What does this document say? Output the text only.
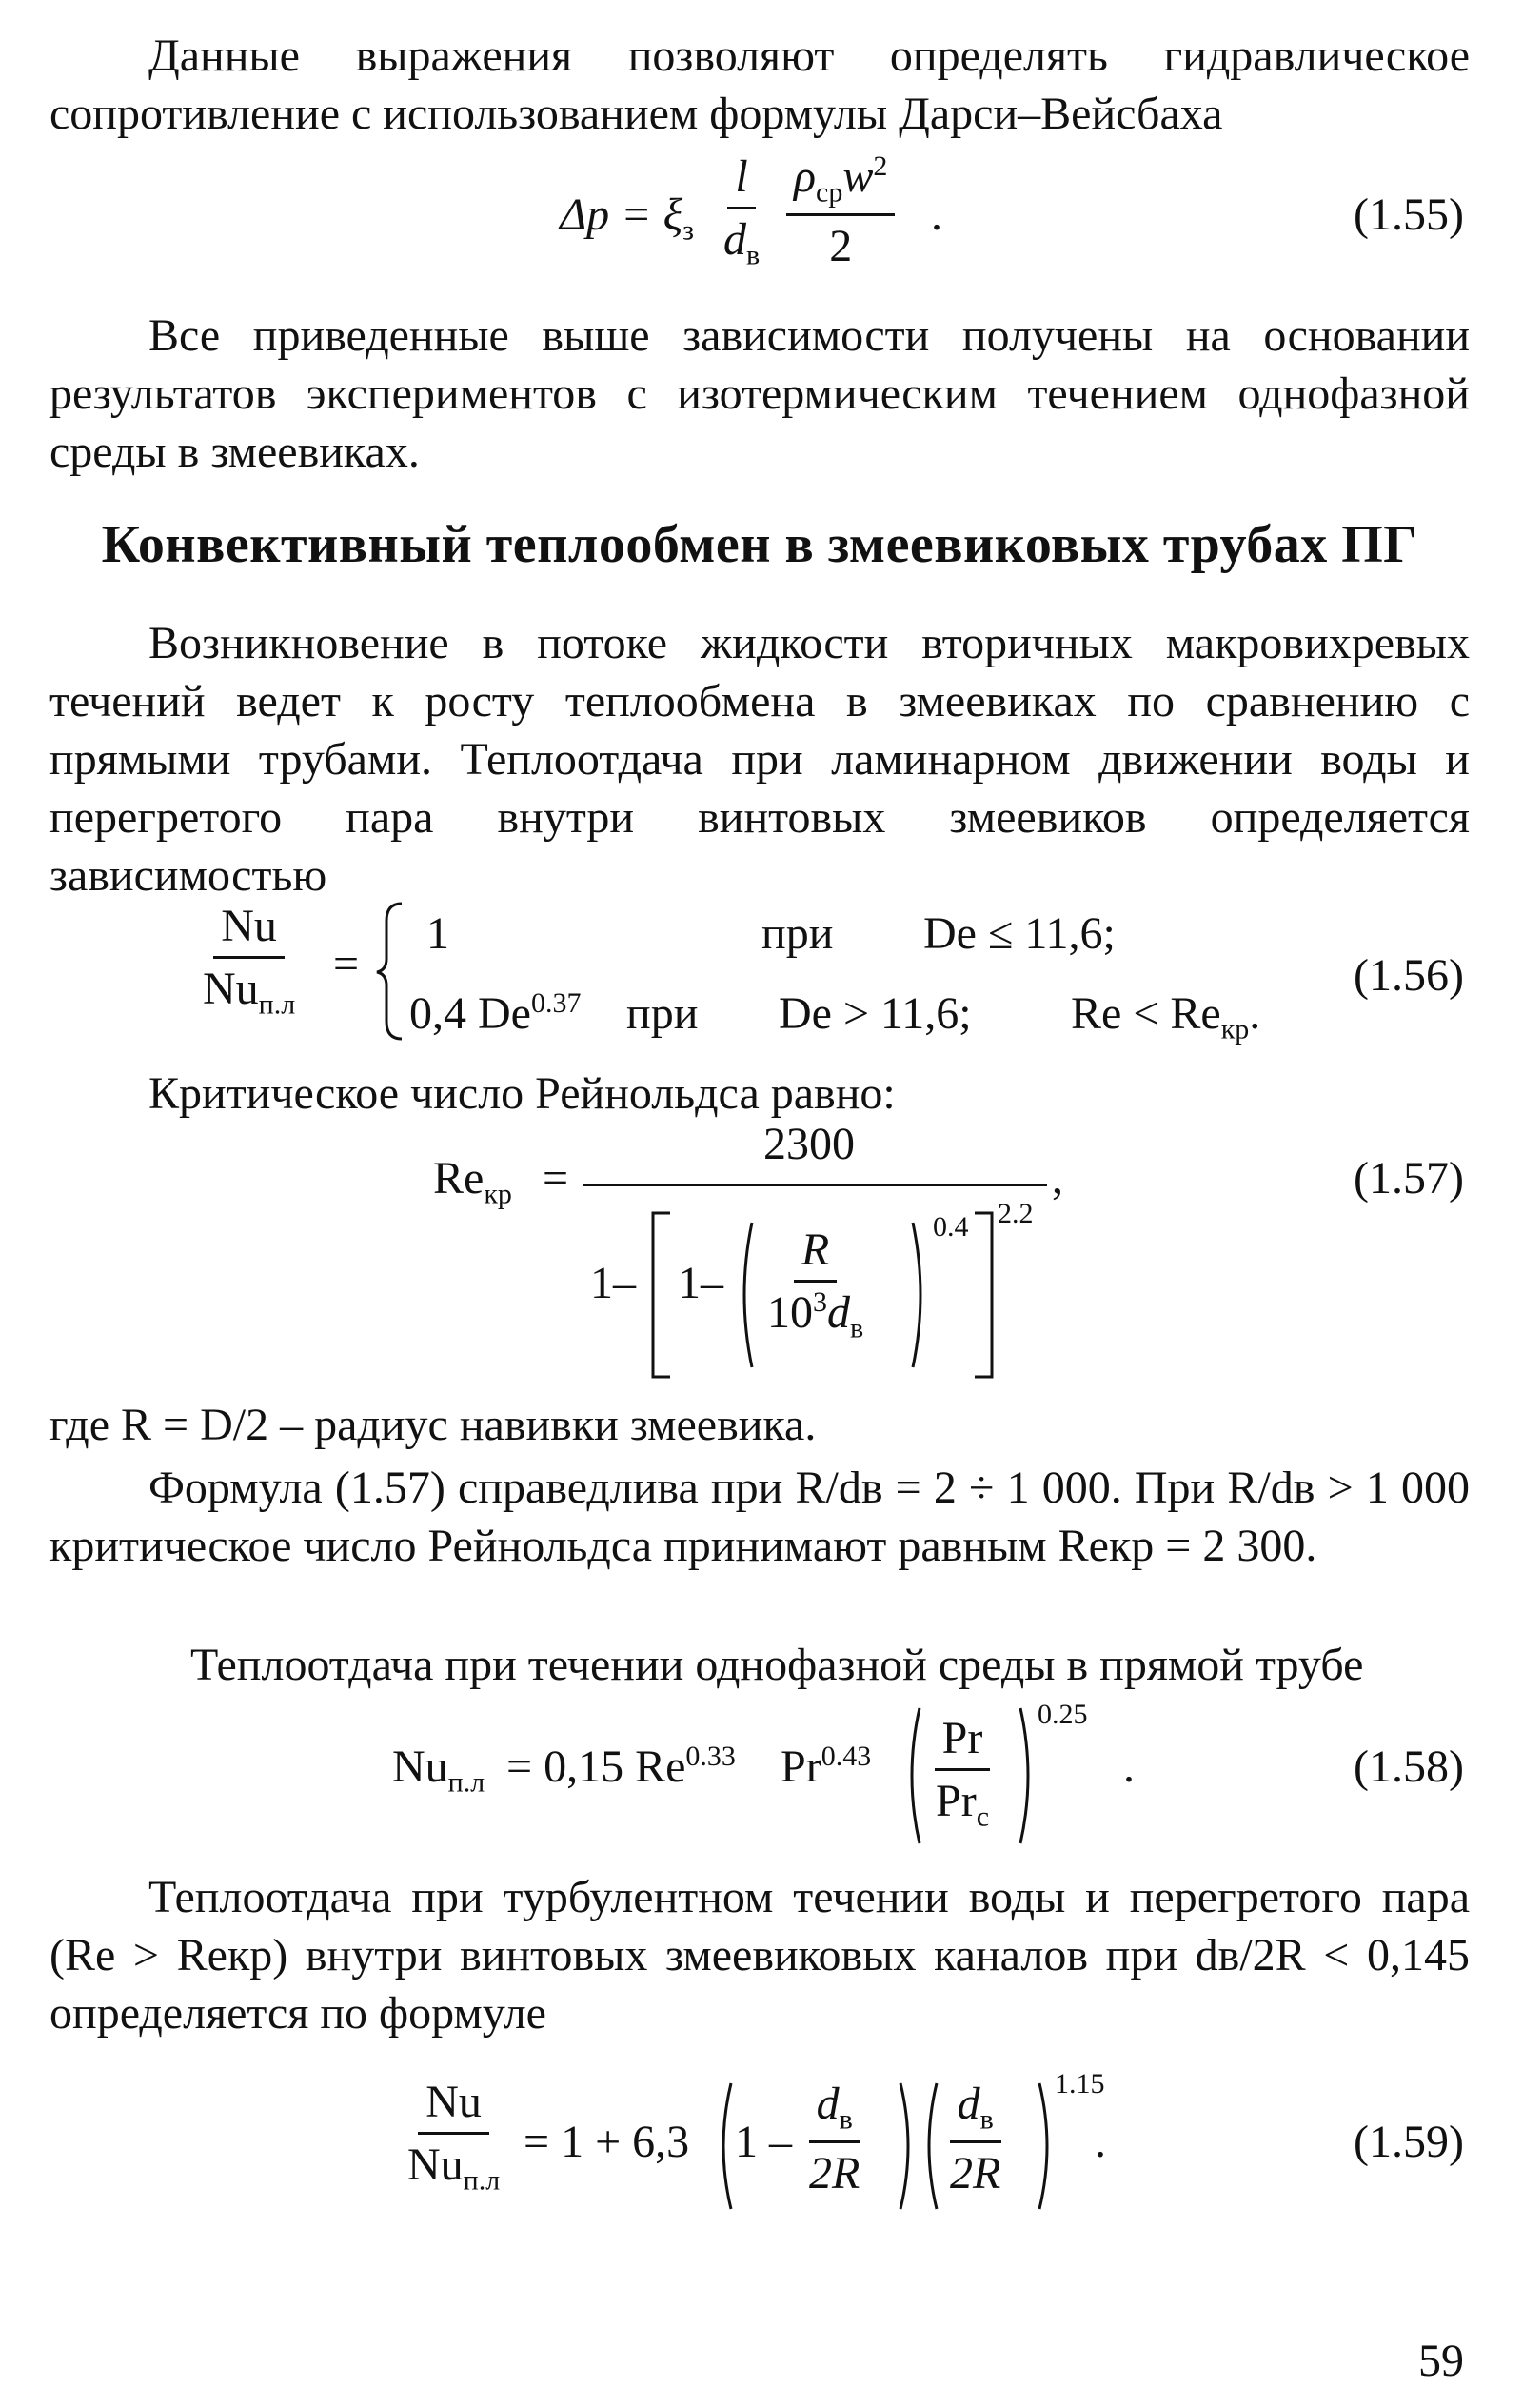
Данные выражения позволяют определять гидравлическое сопротивление с использованием формулы Дарси–Вейсбаха

$\Delta p = \xi_з$
l
$d_в$
$\rho_{ср}w^2$
2
.	(1.55)

Все приведенные выше зависимости получены на основании результатов экспериментов с изотермическим течением однофазной среды в змеевиках.

Конвективный теплообмен в змеевиковых трубах ПГ

Возникновение в потоке жидкости вторичных макровихревых течений ведет к росту теплообмена в змеевиках по сравнению с прямыми трубами. Теплоотдача при ламинарном движении воды и перегретого пара внутри винтовых змеевиков определяется зависимостью

Nu
$Nu_{п.л}$
=
1	при De ≤ 11,6;
0,4 $De^{0.37}$ при De > 11,6; $Re < Re_{кр}$.
(1.56)

Критическое число Рейнольдса равно:

$Re_{кр}$ =
2300
,
1– 1–
R
$10^3d_в$
0.4 2.2
(1.57)

где R = D/2 – радиус навивки змеевика.

Формула (1.57) справедлива при R/dв = 2 ÷ 1 000. При R/dв > 1 000 критическое число Рейнольдса принимают равным Reкр = 2 300.

Теплоотдача при течении однофазной среды в прямой трубе

$Nu_{п.л} = 0,15$ $Re^{0.33}$ $Pr^{0.43}$ Pr
$Pr_с$
0.25
.	(1.58)

Теплоотдача при турбулентном течении воды и перегретого пара (Re > Reкр) внутри винтовых змеевиковых каналов при dв/2R < 0,145 определяется по формуле

Nu
$Nu_{п.л}$
= 1 + 6,3 1 –
$d_в$
2R
$d_в$
2R
1.15
.	(1.59)
59
